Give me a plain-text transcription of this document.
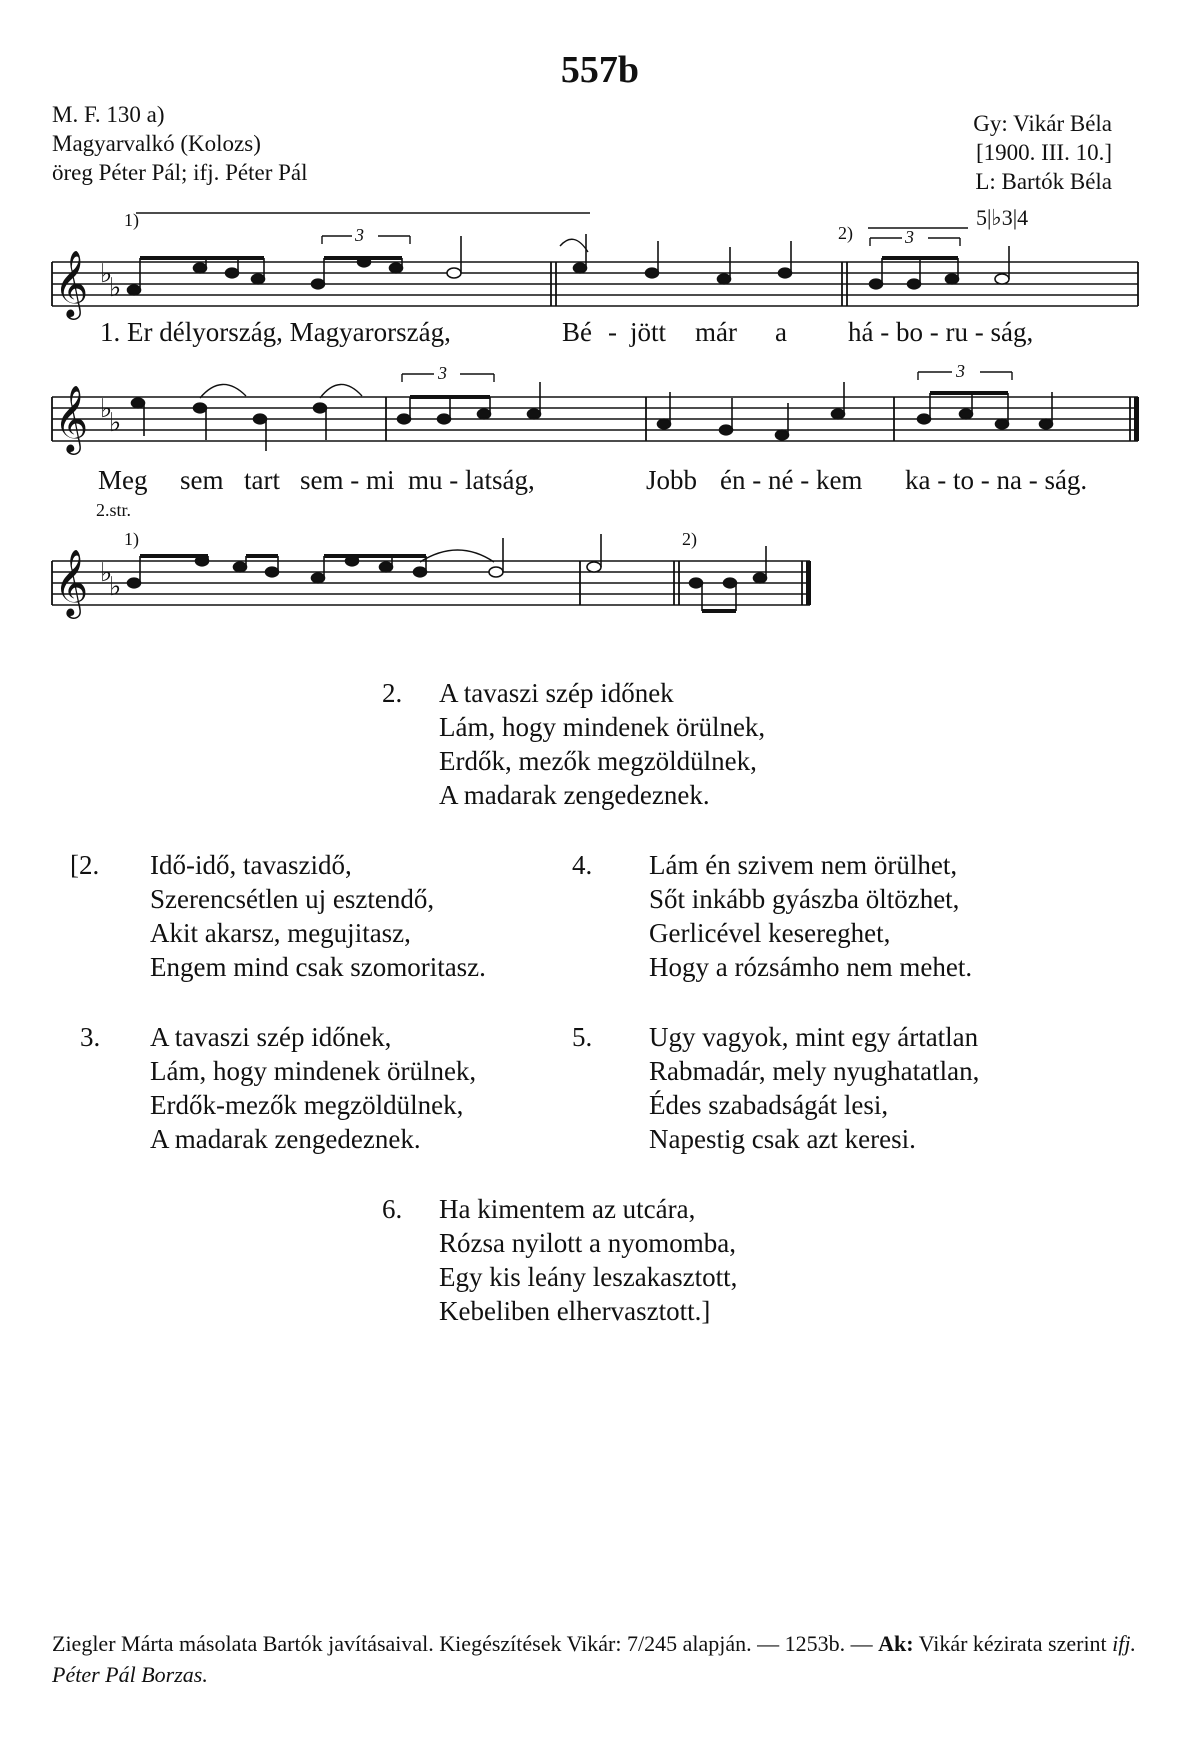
557b
M. F. 130 a)
Magyarvalkó (Kolozs)
öreg Péter Pál; ifj. Péter Pál
Gy: Vikár Béla
[1900. III. 10.]
L: Bartók Béla
𝄞
𝄞
𝄞
♭
♭
♭
♭
♭
♭
1)
2)
3	3
3	3
2.str.
1)	2)
5|♭3|4
1. Er délyország, Magyarország,	Bé - jött már a há - bo - ru - ság,
Meg sem tart sem - mi mu - latság,	Jobb én - né - kem ka - to - na - ság.
2. A tavaszi szép időnek
Lám, hogy mindenek örülnek,
Erdők, mezők megzöldülnek,
A madarak zengedeznek.
[2. Idő-idő, tavaszidő,
Szerencsétlen uj esztendő,
Akit akarsz, megujitasz,
Engem mind csak szomoritasz.
4. Lám én szivem nem örülhet,
Sőt inkább gyászba öltözhet,
Gerlicével kesereghet,
Hogy a rózsámho nem mehet.
3. A tavaszi szép időnek,
Lám, hogy mindenek örülnek,
Erdők-mezők megzöldülnek,
A madarak zengedeznek.
5. Ugy vagyok, mint egy ártatlan
Rabmadár, mely nyughatatlan,
Édes szabadságát lesi,
Napestig csak azt keresi.
6. Ha kimentem az utcára,
Rózsa nyilott a nyomomba,
Egy kis leány leszakasztott,
Kebeliben elhervasztott.]
Ziegler Márta másolata Bartók javításaival. Kiegészítések Vikár: 7/245 alapján. — 1253b. — Ak: Vikár kézirata szerint ifj. Péter Pál Borzas.
